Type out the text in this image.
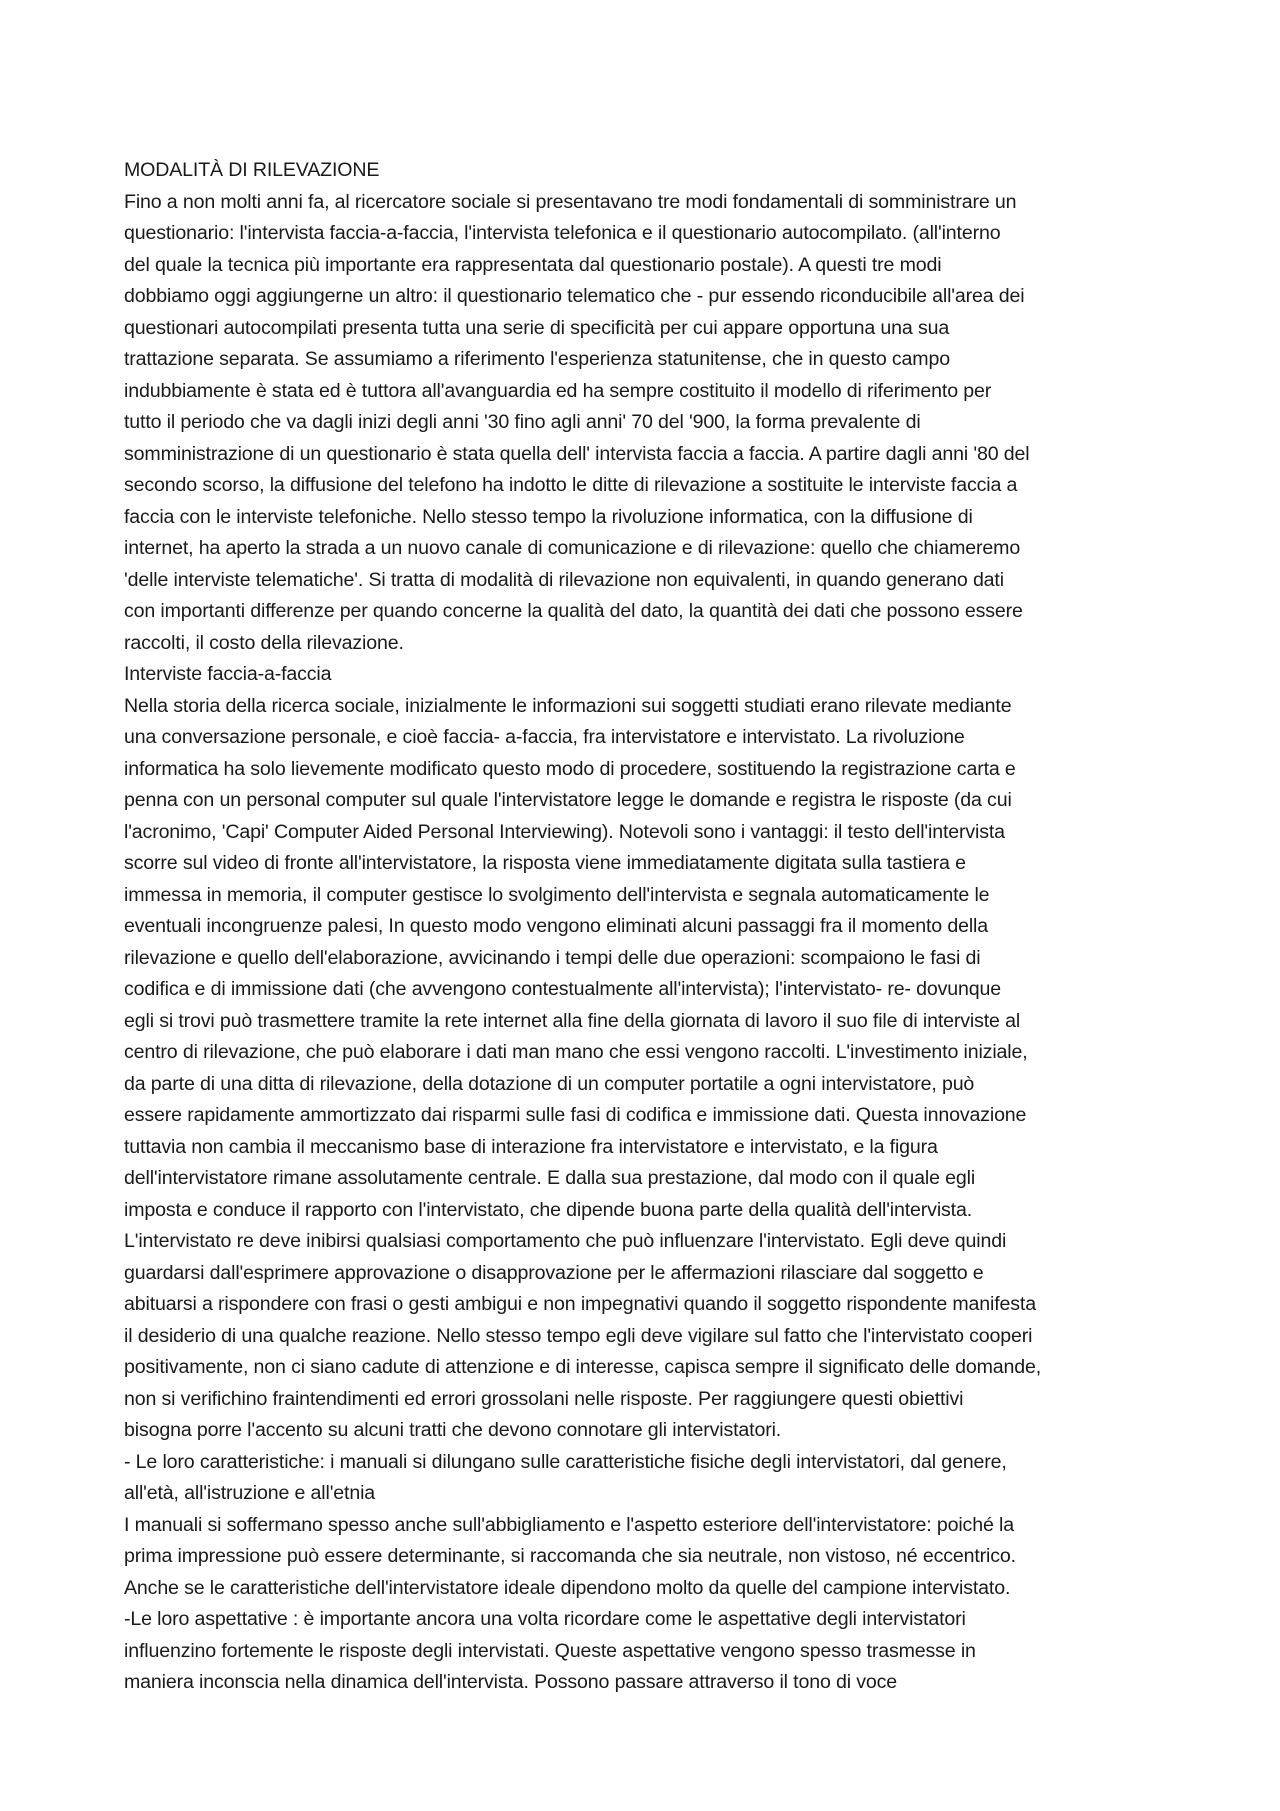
MODALITÀ DI RILEVAZIONE
Fino a non molti anni fa, al ricercatore sociale si presentavano tre modi fondamentali di somministrare un
questionario: l'intervista faccia-a-faccia, l'intervista telefonica e il questionario autocompilato. (all'interno
del quale la tecnica più importante era rappresentata dal questionario postale). A questi tre modi
dobbiamo oggi aggiungerne un altro: il questionario telematico che - pur essendo riconducibile all'area dei
questionari autocompilati presenta tutta una serie di specificità per cui appare opportuna una sua
trattazione separata. Se assumiamo a riferimento l'esperienza statunitense, che in questo campo
indubbiamente è stata ed è tuttora all'avanguardia ed ha sempre costituito il modello di riferimento per
tutto il periodo che va dagli inizi degli anni '30 fino agli anni' 70 del '900, la forma prevalente di
somministrazione di un questionario è stata quella dell' intervista faccia a faccia. A partire dagli anni '80 del
secondo scorso, la diffusione del telefono ha indotto le ditte di rilevazione a sostituite le interviste faccia a
faccia con le interviste telefoniche. Nello stesso tempo la rivoluzione informatica, con la diffusione di
internet, ha aperto la strada a un nuovo canale di comunicazione e di rilevazione: quello che chiameremo
'delle interviste telematiche'. Si tratta di modalità di rilevazione non equivalenti, in quando generano dati
con importanti differenze per quando concerne la qualità del dato, la quantità dei dati che possono essere
raccolti, il costo della rilevazione.
Interviste faccia-a-faccia
Nella storia della ricerca sociale, inizialmente le informazioni sui soggetti studiati erano rilevate mediante
una conversazione personale, e cioè faccia- a-faccia, fra intervistatore e intervistato. La rivoluzione
informatica ha solo lievemente modificato questo modo di procedere, sostituendo la registrazione carta e
penna con un personal computer sul quale l'intervistatore legge le domande e registra le risposte (da cui
l'acronimo, 'Capi' Computer Aided Personal Interviewing). Notevoli sono i vantaggi: il testo dell'intervista
scorre sul video di fronte all'intervistatore, la risposta viene immediatamente digitata sulla tastiera e
immessa in memoria, il computer gestisce lo svolgimento dell'intervista e segnala automaticamente le
eventuali incongruenze palesi, In questo modo vengono eliminati alcuni passaggi fra il momento della
rilevazione e quello dell'elaborazione, avvicinando i tempi delle due operazioni: scompaiono le fasi di
codifica e di immissione dati (che avvengono contestualmente all'intervista); l'intervistato- re- dovunque
egli si trovi può trasmettere tramite la rete internet alla fine della giornata di lavoro il suo file di interviste al
centro di rilevazione, che può elaborare i dati man mano che essi vengono raccolti. L'investimento iniziale,
da parte di una ditta di rilevazione, della dotazione di un computer portatile a ogni intervistatore, può
essere rapidamente ammortizzato dai risparmi sulle fasi di codifica e immissione dati. Questa innovazione
tuttavia non cambia il meccanismo base di interazione fra intervistatore e intervistato, e la figura
dell'intervistatore rimane assolutamente centrale. E dalla sua prestazione, dal modo con il quale egli
imposta e conduce il rapporto con l'intervistato, che dipende buona parte della qualità dell'intervista.
L'intervistato re deve inibirsi qualsiasi comportamento che può influenzare l'intervistato. Egli deve quindi
guardarsi dall'esprimere approvazione o disapprovazione per le affermazioni rilasciare dal soggetto e
abituarsi a rispondere con frasi o gesti ambigui e non impegnativi quando il soggetto rispondente manifesta
il desiderio di una qualche reazione. Nello stesso tempo egli deve vigilare sul fatto che l'intervistato cooperi
positivamente, non ci siano cadute di attenzione e di interesse, capisca sempre il significato delle domande,
non si verifichino fraintendimenti ed errori grossolani nelle risposte. Per raggiungere questi obiettivi
bisogna porre l'accento su alcuni tratti che devono connotare gli intervistatori.
- Le loro caratteristiche: i manuali si dilungano sulle caratteristiche fisiche degli intervistatori, dal genere,
all'età, all'istruzione e all'etnia
I manuali si soffermano spesso anche sull'abbigliamento e l'aspetto esteriore dell'intervistatore: poiché la
prima impressione può essere determinante, si raccomanda che sia neutrale, non vistoso, né eccentrico.
Anche se le caratteristiche dell'intervistatore ideale dipendono molto da quelle del campione intervistato.
-Le loro aspettative : è importante ancora una volta ricordare come le aspettative degli intervistatori
influenzino fortemente le risposte degli intervistati. Queste aspettative vengono spesso trasmesse in
maniera inconscia nella dinamica dell'intervista. Possono passare attraverso il tono di voce
